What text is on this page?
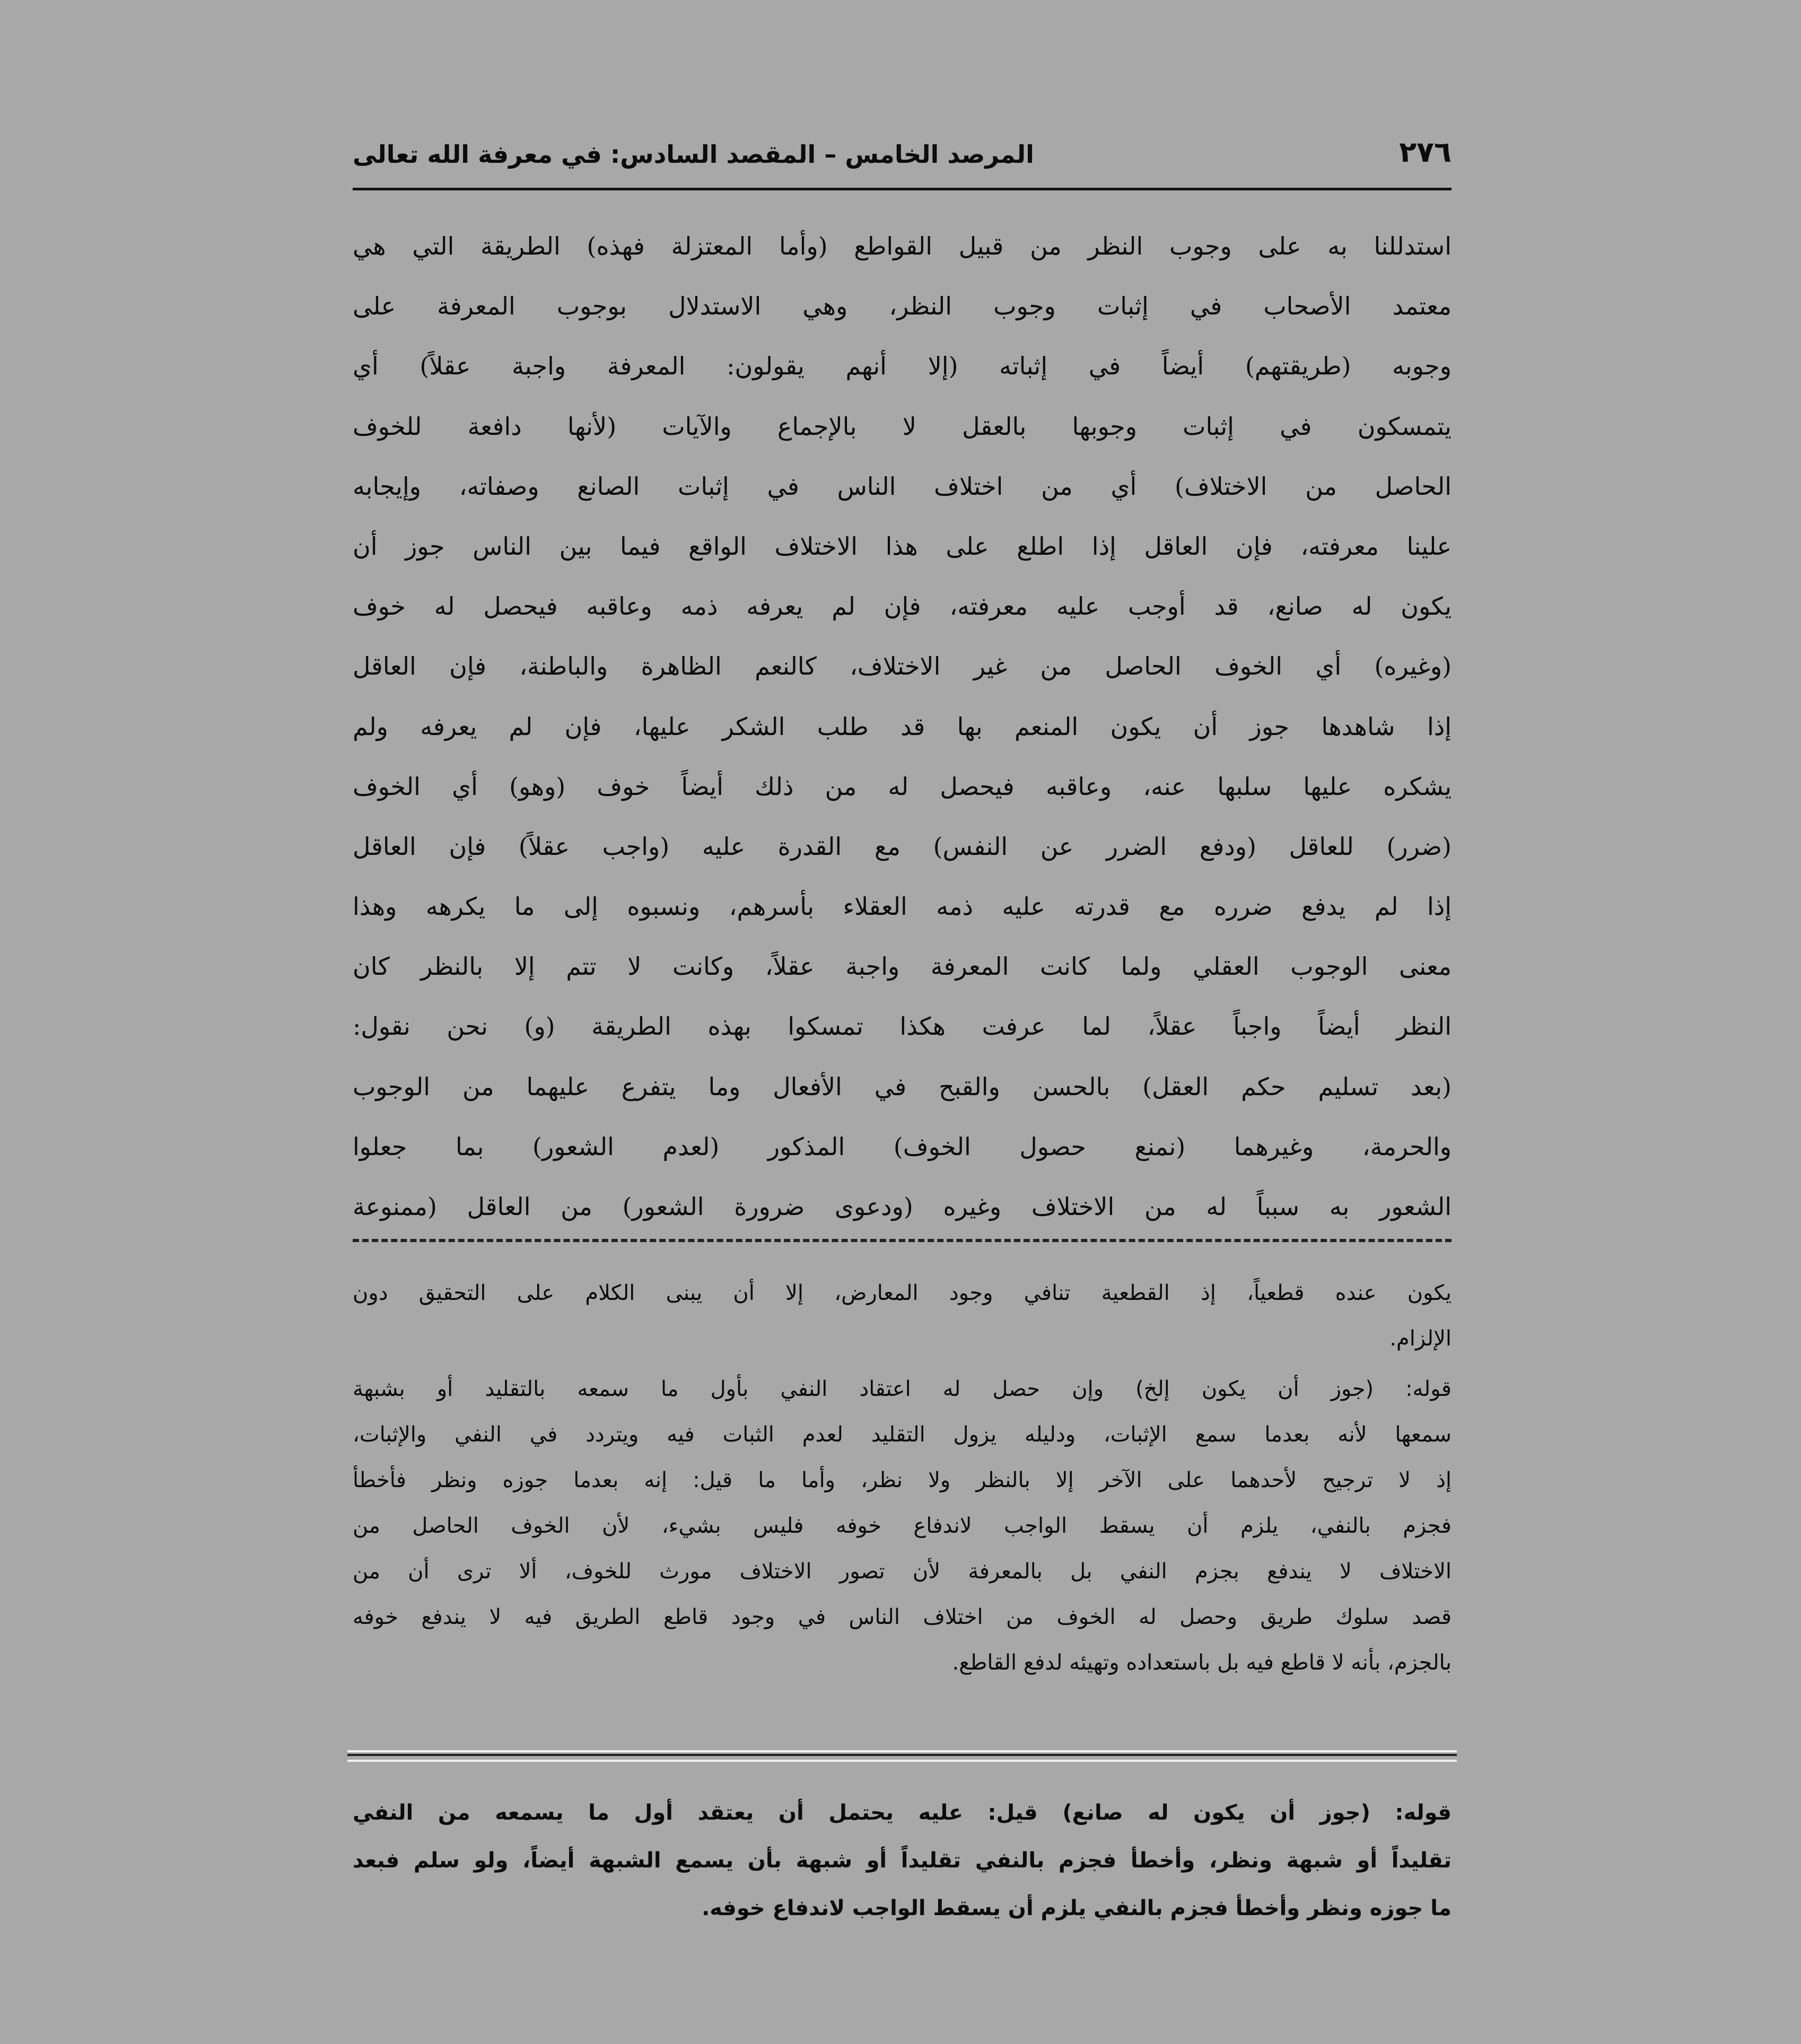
٢٧٦
المرصد الخامس – المقصد السادس: في معرفة الله تعالى
استدللنا به على وجوب النظر من قبيل القواطع (وأما المعتزلة فهذه) الطريقة التي هي
معتمد الأصحاب في إثبات وجوب النظر، وهي الاستدلال بوجوب المعرفة على
وجوبه (طريقتهم) أيضاً في إثباته (إلا أنهم يقولون: المعرفة واجبة عقلاً) أي
يتمسكون في إثبات وجوبها بالعقل لا بالإجماع والآيات (لأنها دافعة للخوف
الحاصل من الاختلاف) أي من اختلاف الناس في إثبات الصانع وصفاته، وإيجابه
علينا معرفته، فإن العاقل إذا اطلع على هذا الاختلاف الواقع فيما بين الناس جوز أن
يكون له صانع، قد أوجب عليه معرفته، فإن لم يعرفه ذمه وعاقبه فيحصل له خوف
(وغيره) أي الخوف الحاصل من غير الاختلاف، كالنعم الظاهرة والباطنة، فإن العاقل
إذا شاهدها جوز أن يكون المنعم بها قد طلب الشكر عليها، فإن لم يعرفه ولم
يشكره عليها سلبها عنه، وعاقبه فيحصل له من ذلك أيضاً خوف (وهو) أي الخوف
(ضرر) للعاقل (ودفع الضرر عن النفس) مع القدرة عليه (واجب عقلاً) فإن العاقل
إذا لم يدفع ضرره مع قدرته عليه ذمه العقلاء بأسرهم، ونسبوه إلى ما يكرهه وهذا
معنى الوجوب العقلي ولما كانت المعرفة واجبة عقلاً، وكانت لا تتم إلا بالنظر كان
النظر أيضاً واجباً عقلاً، لما عرفت هكذا تمسكوا بهذه الطريقة (و) نحن نقول:
(بعد تسليم حكم العقل) بالحسن والقبح في الأفعال وما يتفرع عليهما من الوجوب
والحرمة، وغيرهما (نمنع حصول الخوف) المذكور (لعدم الشعور) بما جعلوا
الشعور به سبباً له من الاختلاف وغيره (ودعوى ضرورة الشعور) من العاقل (ممنوعة
يكون عنده قطعياً، إذ القطعية تنافي وجود المعارض، إلا أن يبنى الكلام على التحقيق دون
الإلزام.
قوله: (جوز أن يكون إلخ) وإن حصل له اعتقاد النفي بأول ما سمعه بالتقليد أو بشبهة
سمعها لأنه بعدما سمع الإثبات، ودليله يزول التقليد لعدم الثبات فيه ويتردد في النفي والإثبات،
إذ لا ترجيح لأحدهما على الآخر إلا بالنظر ولا نظر، وأما ما قيل: إنه بعدما جوزه ونظر فأخطأ
فجزم بالنفي، يلزم أن يسقط الواجب لاندفاع خوفه فليس بشيء، لأن الخوف الحاصل من
الاختلاف لا يندفع بجزم النفي بل بالمعرفة لأن تصور الاختلاف مورث للخوف، ألا ترى أن من
قصد سلوك طريق وحصل له الخوف من اختلاف الناس في وجود قاطع الطريق فيه لا يندفع خوفه
بالجزم، بأنه لا قاطع فيه بل باستعداده وتهيئه لدفع القاطع.
قوله: (جوز أن يكون له صانع) قيل: عليه يحتمل أن يعتقد أول ما يسمعه من النفي
تقليداً أو شبهة ونظر، وأخطأ فجزم بالنفي تقليداً أو شبهة بأن يسمع الشبهة أيضاً، ولو سلم فبعد
ما جوزه ونظر وأخطأ فجزم بالنفي يلزم أن يسقط الواجب لاندفاع خوفه.
